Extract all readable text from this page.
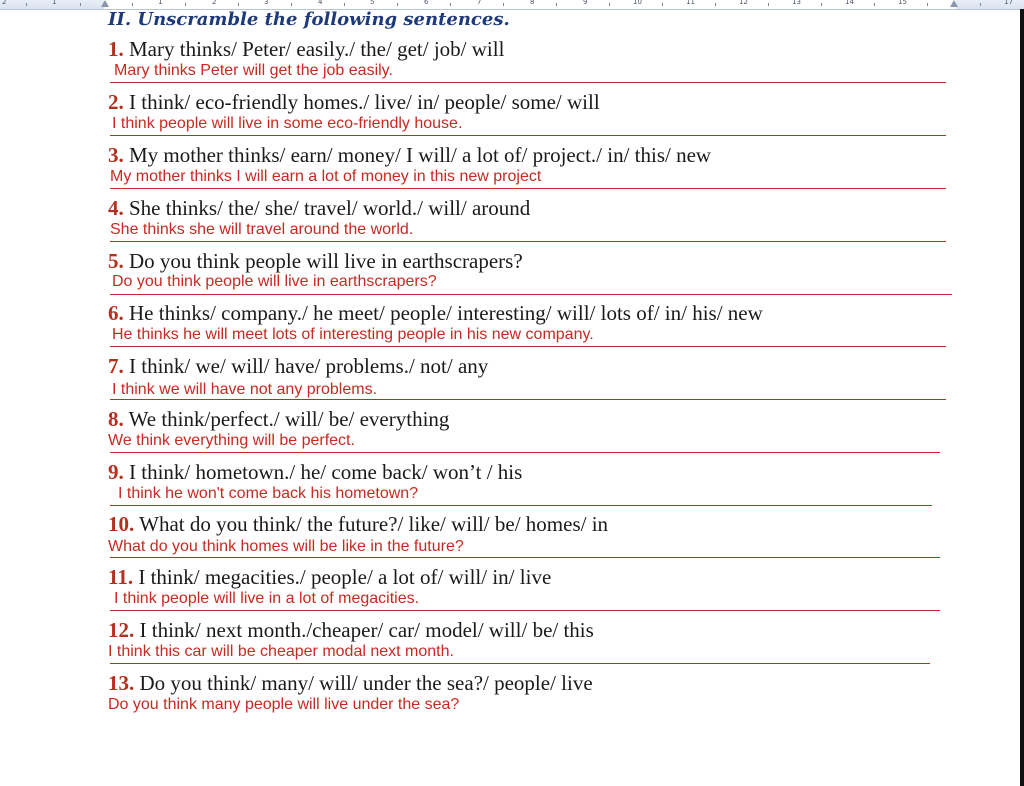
2	1	1	2	3	4	5	6	7	8	9	10	11	12	13	14	15	17
II. Unscramble the following sentences.
1. Mary thinks/ Peter/ easily./ the/ get/ job/ will
Mary thinks Peter will get the job easily.
2. I think/ eco-friendly homes./ live/ in/ people/ some/ will
I think people will live in some eco-friendly house.
3. My mother thinks/ earn/ money/ I will/ a lot of/ project./ in/ this/ new
My mother thinks I will earn a lot of money in this new project
4. She thinks/ the/ she/ travel/ world./ will/ around
She thinks she will travel around the world.
5. Do you think people will live in earthscrapers?
Do you think people will live in earthscrapers?
6. He thinks/ company./ he meet/ people/ interesting/ will/ lots of/ in/ his/ new
He thinks he will meet lots of interesting people in his new company.
7. I think/ we/ will/ have/ problems./ not/ any
I think we will have not any problems.
8. We think/perfect./ will/ be/ everything
We think everything will be perfect.
9. I think/ hometown./ he/ come back/ won’t / his
I think he won't come back his hometown?
10. What do you think/ the future?/ like/ will/ be/ homes/ in
What do you think homes will be like in the future?
11. I think/ megacities./ people/ a lot of/ will/ in/ live
I think people will live in a lot of megacities.
12. I think/ next month./cheaper/ car/ model/ will/ be/ this
I think this car will be cheaper modal next month.
13. Do you think/ many/ will/ under the sea?/ people/ live
Do you think many people will live under the sea?
